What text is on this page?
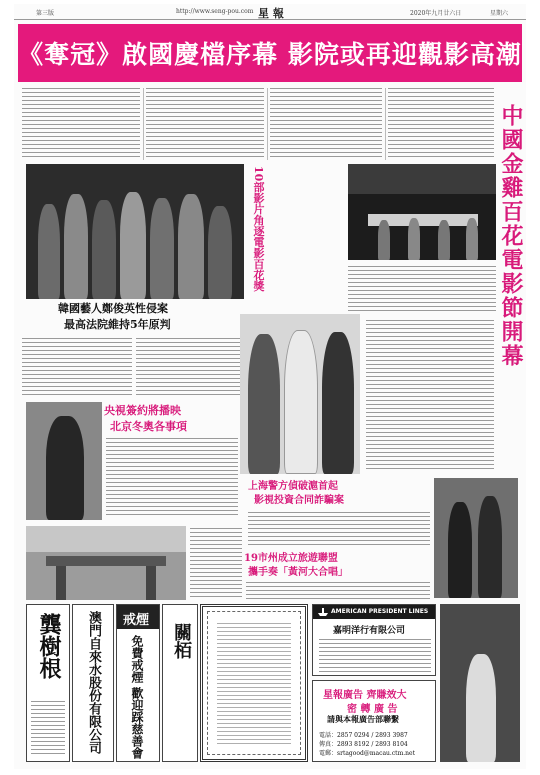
第三版	http://www.seng-pou.com 星 報	2020年九月廿六日	星期六
《奪冠》啟國慶檔序幕 影院或再迎觀影高潮
中國金雞百花電影節開幕
10部影片角逐電影百花獎
韓國藝人鄭俊英性侵案
最高法院維持5年原判
央視簽約將播映
北京冬奧各事項
上海警方偵破滬首起
影視投資合同詐騙案
19市州成立旅遊聯盟
攜手奏「黃河大合唱」
龔樹根 澳門自來水股份有限公司 戒煙
免費戒煙 歡迎踩慈善會 關栢
AMERICAN PRESIDENT LINES
嘉明洋行有限公司
星報廣告 齊賺效大
密 轉 廣 告
請與本報廣告部聯繫
電話：2857 0294 / 2893 3987
傳真：2893 8192 / 2893 8104
電郵：srtagood@macau.ctm.net
